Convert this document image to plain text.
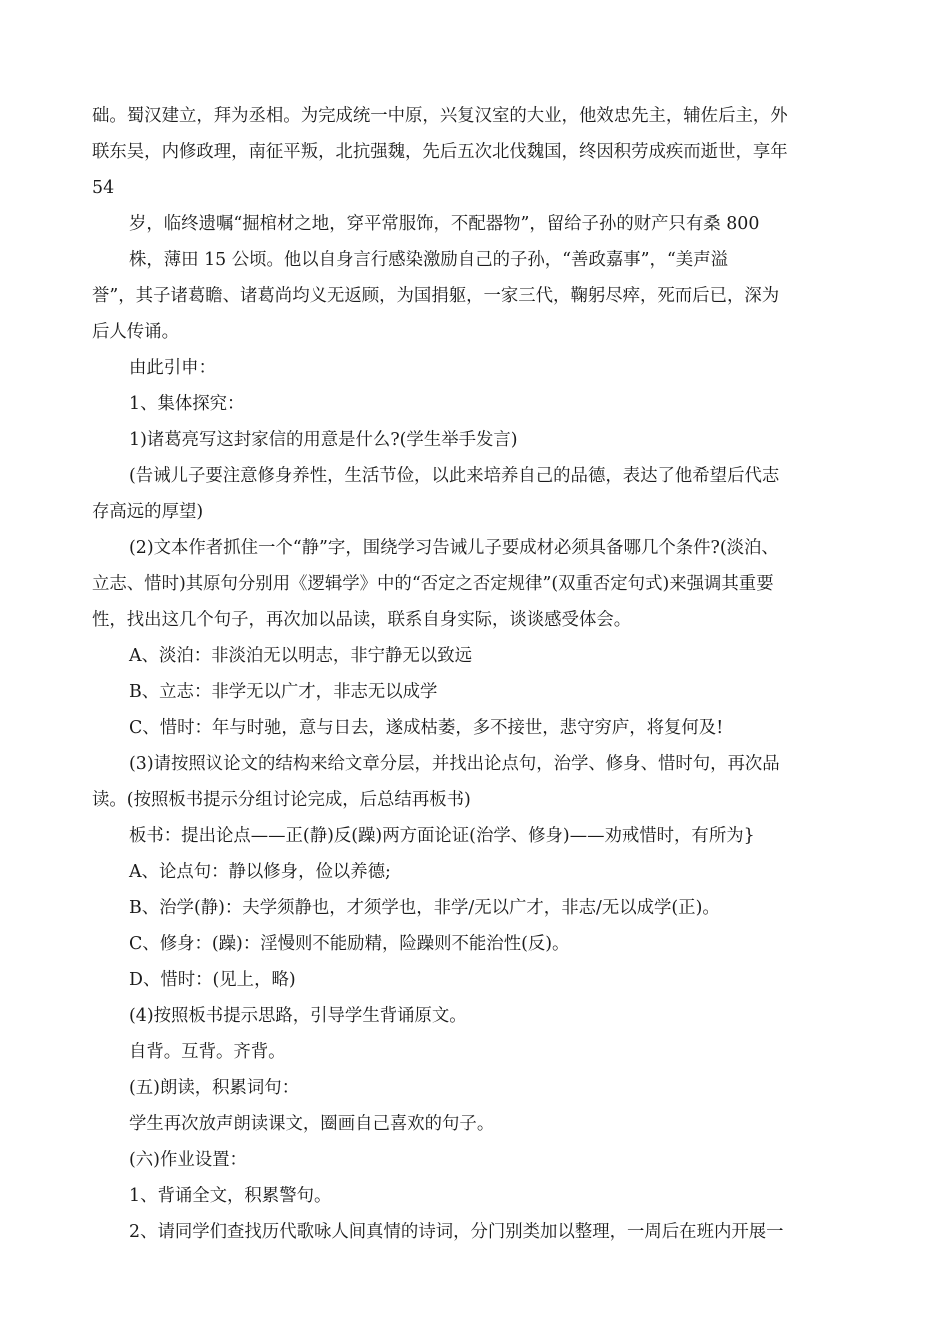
础。蜀汉建立，拜为丞相。为完成统一中原，兴复汉室的大业，他效忠先主，辅佐后主，外
联东吴，内修政理，南征平叛，北抗强魏，先后五次北伐魏国，终因积劳成疾而逝世，享年
54
岁，临终遗嘱“掘棺材之地，穿平常服饰，不配器物”，留给子孙的财产只有桑 800
株，薄田 15 公顷。他以自身言行感染激励自己的子孙，“善政嘉事”，“美声溢
誉”，其子诸葛瞻、诸葛尚均义无返顾，为国捐躯，一家三代，鞠躬尽瘁，死而后已，深为
后人传诵。
由此引申：
1、集体探究：
1)诸葛亮写这封家信的用意是什么?(学生举手发言)
(告诫儿子要注意修身养性，生活节俭，以此来培养自己的品德，表达了他希望后代志
存高远的厚望)
(2)文本作者抓住一个“静”字，围绕学习告诫儿子要成材必须具备哪几个条件?(淡泊、
立志、惜时)其原句分别用《逻辑学》中的“否定之否定规律”(双重否定句式)来强调其重要
性，找出这几个句子，再次加以品读，联系自身实际，谈谈感受体会。
A、淡泊：非淡泊无以明志，非宁静无以致远
B、立志：非学无以广才，非志无以成学
C、惜时：年与时驰，意与日去，遂成枯萎，多不接世，悲守穷庐，将复何及!
(3)请按照议论文的结构来给文章分层，并找出论点句，治学、修身、惜时句，再次品
读。(按照板书提示分组讨论完成，后总结再板书)
板书：提出论点——正(静)反(躁)两方面论证(治学、修身)——劝戒惜时，有所为}
A、论点句：静以修身，俭以养德;
B、治学(静)：夫学须静也，才须学也，非学/无以广才，非志/无以成学(正)。
C、修身：(躁)：淫慢则不能励精，险躁则不能治性(反)。
D、惜时：(见上，略)
(4)按照板书提示思路，引导学生背诵原文。
自背。互背。齐背。
(五)朗读，积累词句：
学生再次放声朗读课文，圈画自己喜欢的句子。
(六)作业设置：
1、背诵全文，积累警句。
2、请同学们查找历代歌咏人间真情的诗词，分门别类加以整理，一周后在班内开展一
